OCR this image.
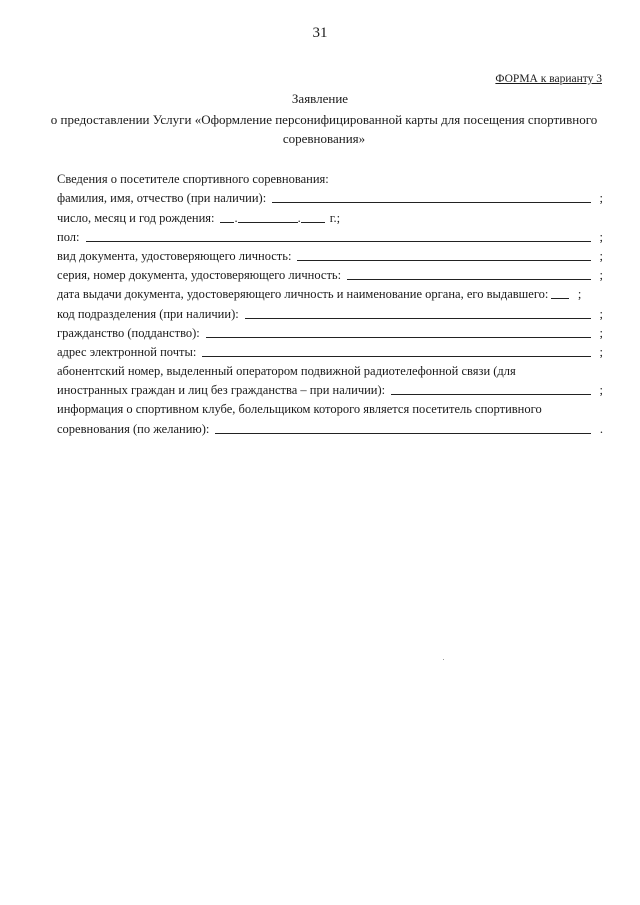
31
ФОРМА к варианту 3
Заявление
о предоставлении Услуги «Оформление персонифицированной карты для посещения спортивного соревнования»
Сведения о посетителе спортивного соревнования:
фамилия, имя, отчество (при наличии):	;
число, месяц и год рождения: .	. г.;
пол:	;
вид документа, удостоверяющего личность:	;
серия, номер документа, удостоверяющего личность:	;
дата выдачи документа, удостоверяющего личность и наименование органа, его выдавшего:	;
код подразделения (при наличии):	;
гражданство (подданство):	;
адрес электронной почты:	;
абонентский номер, выделенный оператором подвижной радиотелефонной связи (для
иностранных граждан и лиц без гражданства – при наличии):	;
информация о спортивном клубе, болельщиком которого является посетитель спортивного
соревнования (по желанию):	.
